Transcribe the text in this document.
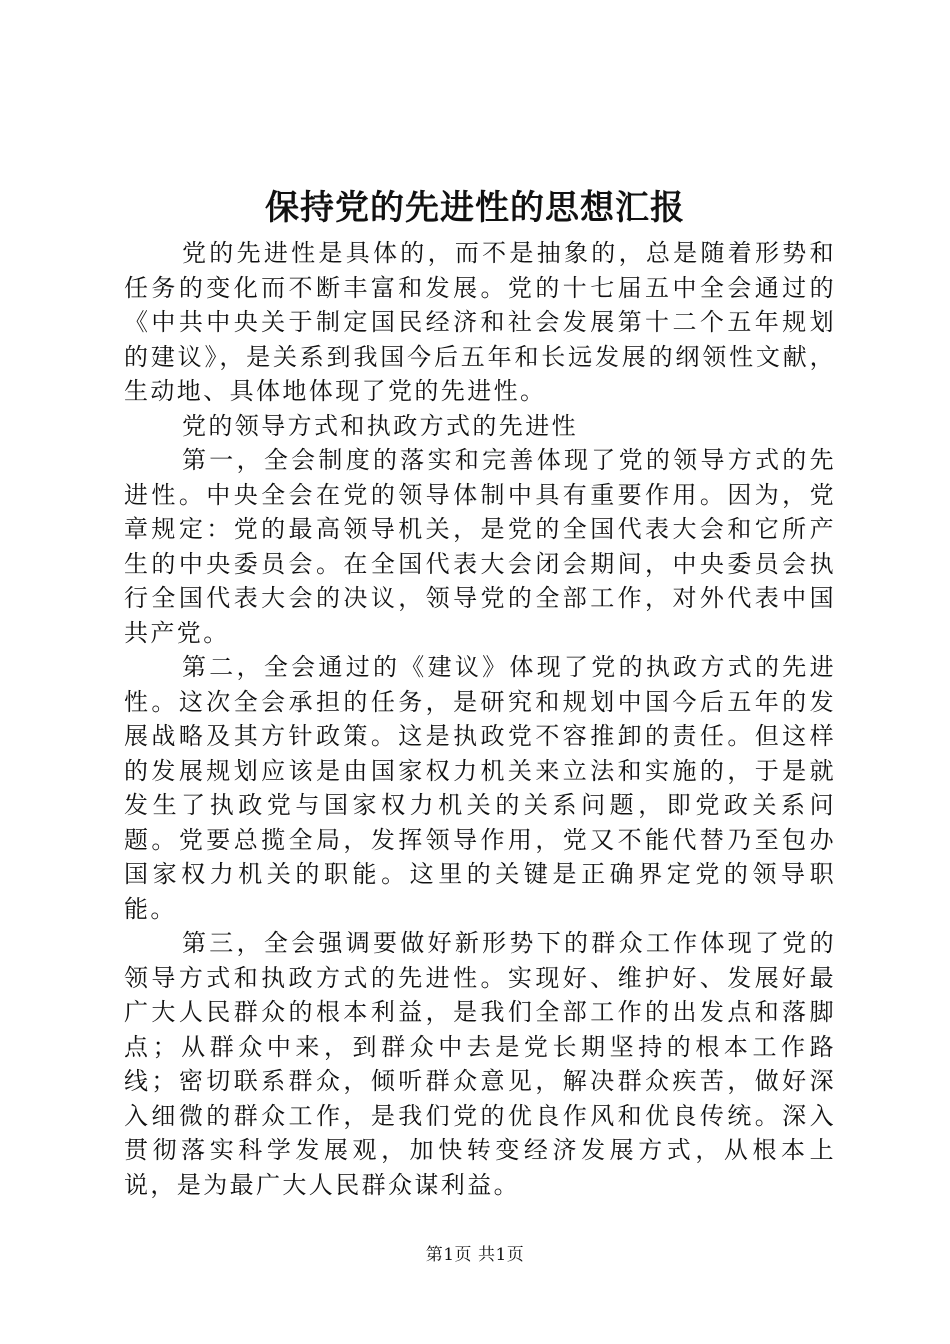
保持党的先进性的思想汇报

党的先进性是具体的，而不是抽象的，总是随着形势和任务的变化而不断丰富和发展。党的十七届五中全会通过的《中共中央关于制定国民经济和社会发展第十二个五年规划的建议》，是关系到我国今后五年和长远发展的纲领性文献，生动地、具体地体现了党的先进性。

党的领导方式和执政方式的先进性

第一，全会制度的落实和完善体现了党的领导方式的先进性。中央全会在党的领导体制中具有重要作用。因为，党章规定：党的最高领导机关，是党的全国代表大会和它所产生的中央委员会。在全国代表大会闭会期间，中央委员会执行全国代表大会的决议，领导党的全部工作，对外代表中国共产党。

第二，全会通过的《建议》体现了党的执政方式的先进性。这次全会承担的任务，是研究和规划中国今后五年的发展战略及其方针政策。这是执政党不容推卸的责任。但这样的发展规划应该是由国家权力机关来立法和实施的，于是就发生了执政党与国家权力机关的关系问题，即党政关系问题。党要总揽全局，发挥领导作用，党又不能代替乃至包办国家权力机关的职能。这里的关键是正确界定党的领导职能。

第三，全会强调要做好新形势下的群众工作体现了党的领导方式和执政方式的先进性。实现好、维护好、发展好最广大人民群众的根本利益，是我们全部工作的出发点和落脚点；从群众中来，到群众中去是党长期坚持的根本工作路线；密切联系群众，倾听群众意见，解决群众疾苦，做好深入细微的群众工作，是我们党的优良作风和优良传统。深入贯彻落实科学发展观，加快转变经济发展方式，从根本上说，是为最广大人民群众谋利益。

第1页 共1页
